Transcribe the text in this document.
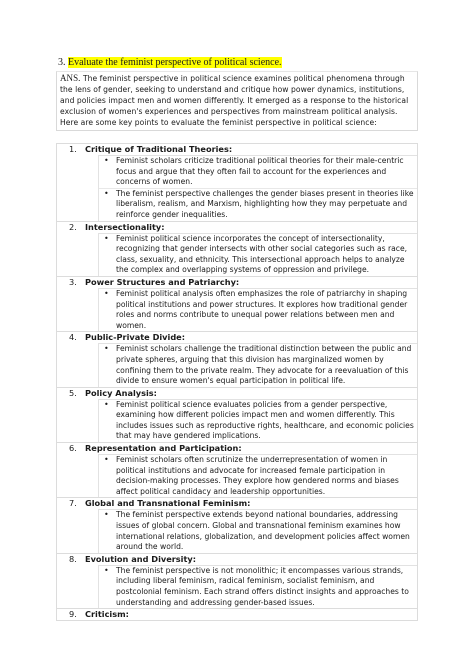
3. Evaluate the feminist perspective of political science.

ANS. The feminist perspective in political science examines political phenomena through the lens of gender, seeking to understand and critique how power dynamics, institutions, and policies impact men and women differently. It emerged as a response to the historical exclusion of women's experiences and perspectives from mainstream political analysis. Here are some key points to evaluate the feminist perspective in political science:

1. Critique of Traditional Theories:
• Feminist scholars criticize traditional political theories for their male-centric focus and argue that they often fail to account for the experiences and concerns of women.
• The feminist perspective challenges the gender biases present in theories like liberalism, realism, and Marxism, highlighting how they may perpetuate and reinforce gender inequalities.
2. Intersectionality:
• Feminist political science incorporates the concept of intersectionality, recognizing that gender intersects with other social categories such as race, class, sexuality, and ethnicity. This intersectional approach helps to analyze the complex and overlapping systems of oppression and privilege.
3. Power Structures and Patriarchy:
• Feminist political analysis often emphasizes the role of patriarchy in shaping political institutions and power structures. It explores how traditional gender roles and norms contribute to unequal power relations between men and women.
4. Public-Private Divide:
• Feminist scholars challenge the traditional distinction between the public and private spheres, arguing that this division has marginalized women by confining them to the private realm. They advocate for a reevaluation of this divide to ensure women's equal participation in political life.
5. Policy Analysis:
• Feminist political science evaluates policies from a gender perspective, examining how different policies impact men and women differently. This includes issues such as reproductive rights, healthcare, and economic policies that may have gendered implications.
6. Representation and Participation:
• Feminist scholars often scrutinize the underrepresentation of women in political institutions and advocate for increased female participation in decision-making processes. They explore how gendered norms and biases affect political candidacy and leadership opportunities.
7. Global and Transnational Feminism:
• The feminist perspective extends beyond national boundaries, addressing issues of global concern. Global and transnational feminism examines how international relations, globalization, and development policies affect women around the world.
8. Evolution and Diversity:
• The feminist perspective is not monolithic; it encompasses various strands, including liberal feminism, radical feminism, socialist feminism, and postcolonial feminism. Each strand offers distinct insights and approaches to understanding and addressing gender-based issues.
9. Criticism:
